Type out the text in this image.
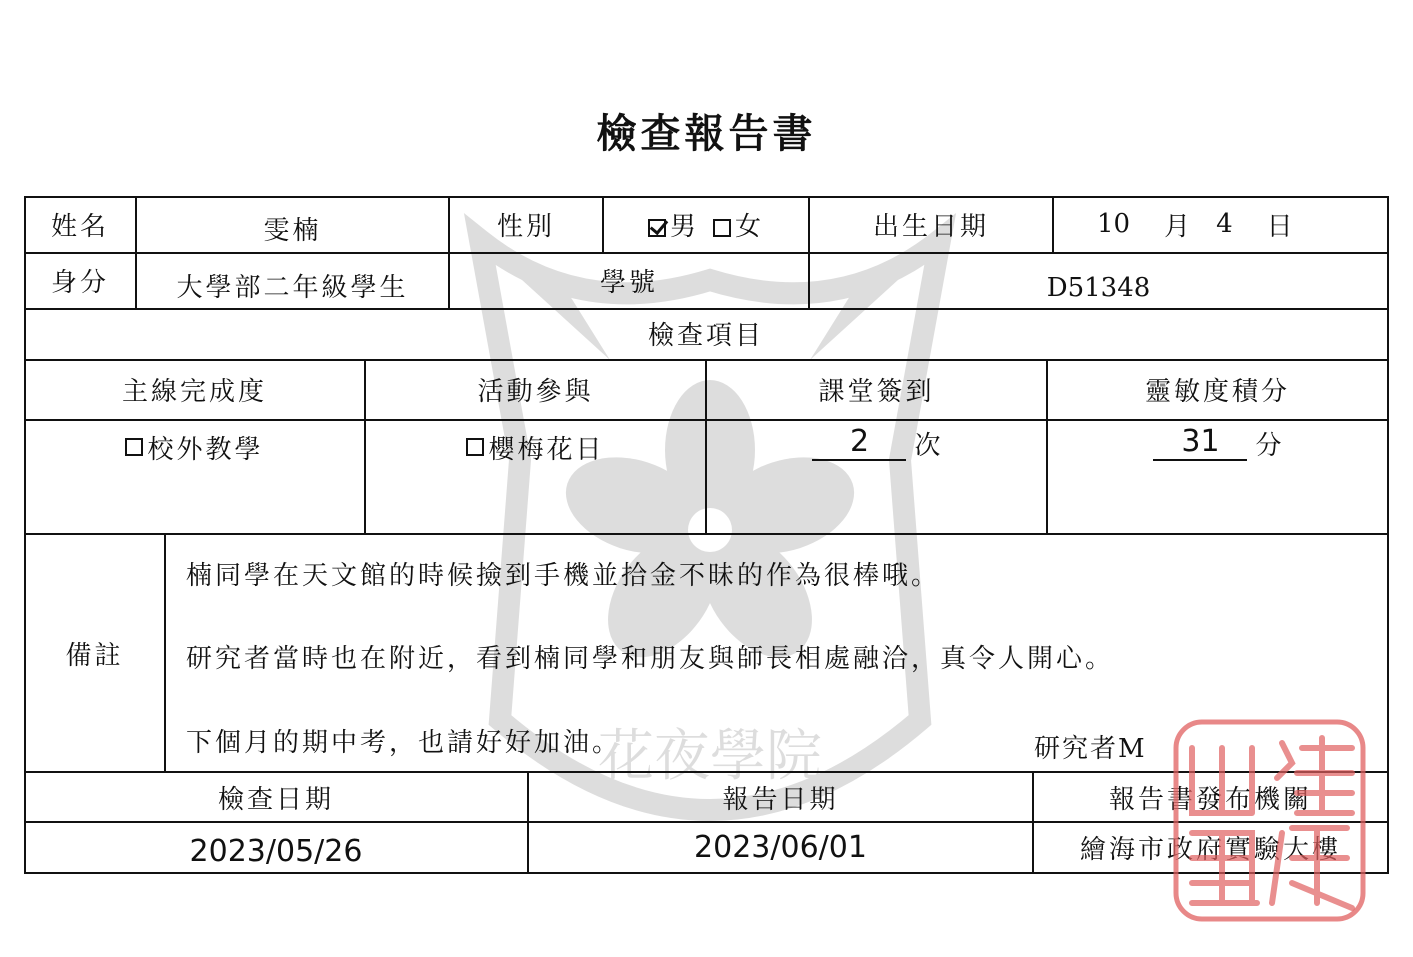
檢查報告書
花夜學院
姓名	雯楠	性別	男	女	出生日期	10 月 4 日
身分	大學部二年級學生	學號	D51348
檢查項目
主線完成度	活動參與	課堂簽到	靈敏度積分
校外教學	櫻梅花日	2	次	31	分
備註
楠同學在天文館的時候撿到手機並拾金不昧的作為很棒哦。
研究者當時也在附近，看到楠同學和朋友與師長相處融洽，真令人開心。
下個月的期中考，也請好好加油。	研究者M
檢查日期	報告日期	報告書發布機關
2023/05/26	2023/06/01	繪海市政府實驗大樓
